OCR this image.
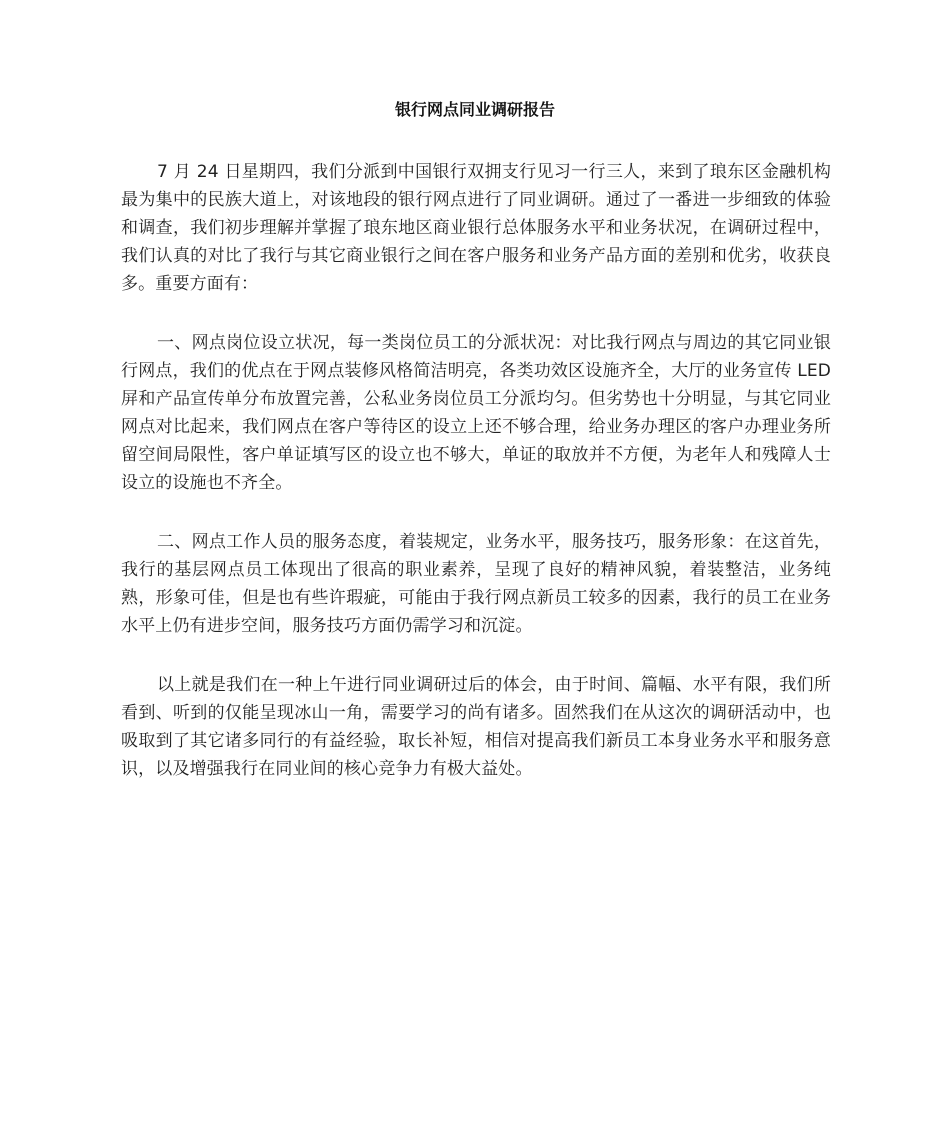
银行网点同业调研报告

7 月 24 日星期四，我们分派到中国银行双拥支行见习一行三人，来到了琅东区金融机构最为集中的民族大道上，对该地段的银行网点进行了同业调研。通过了一番进一步细致的体验和调查，我们初步理解并掌握了琅东地区商业银行总体服务水平和业务状况，在调研过程中，我们认真的对比了我行与其它商业银行之间在客户服务和业务产品方面的差别和优劣，收获良多。重要方面有：

一、网点岗位设立状况，每一类岗位员工的分派状况：对比我行网点与周边的其它同业银行网点，我们的优点在于网点装修风格简洁明亮，各类功效区设施齐全，大厅的业务宣传 LED 屏和产品宣传单分布放置完善，公私业务岗位员工分派均匀。但劣势也十分明显，与其它同业网点对比起来，我们网点在客户等待区的设立上还不够合理，给业务办理区的客户办理业务所留空间局限性，客户单证填写区的设立也不够大，单证的取放并不方便，为老年人和残障人士设立的设施也不齐全。

二、网点工作人员的服务态度，着装规定，业务水平，服务技巧，服务形象：在这首先，我行的基层网点员工体现出了很高的职业素养，呈现了良好的精神风貌，着装整洁，业务纯熟，形象可佳，但是也有些许瑕疵，可能由于我行网点新员工较多的因素，我行的员工在业务水平上仍有进步空间，服务技巧方面仍需学习和沉淀。

以上就是我们在一种上午进行同业调研过后的体会，由于时间、篇幅、水平有限，我们所看到、听到的仅能呈现冰山一角，需要学习的尚有诸多。固然我们在从这次的调研活动中，也吸取到了其它诸多同行的有益经验，取长补短，相信对提高我们新员工本身业务水平和服务意识，以及增强我行在同业间的核心竞争力有极大益处。
